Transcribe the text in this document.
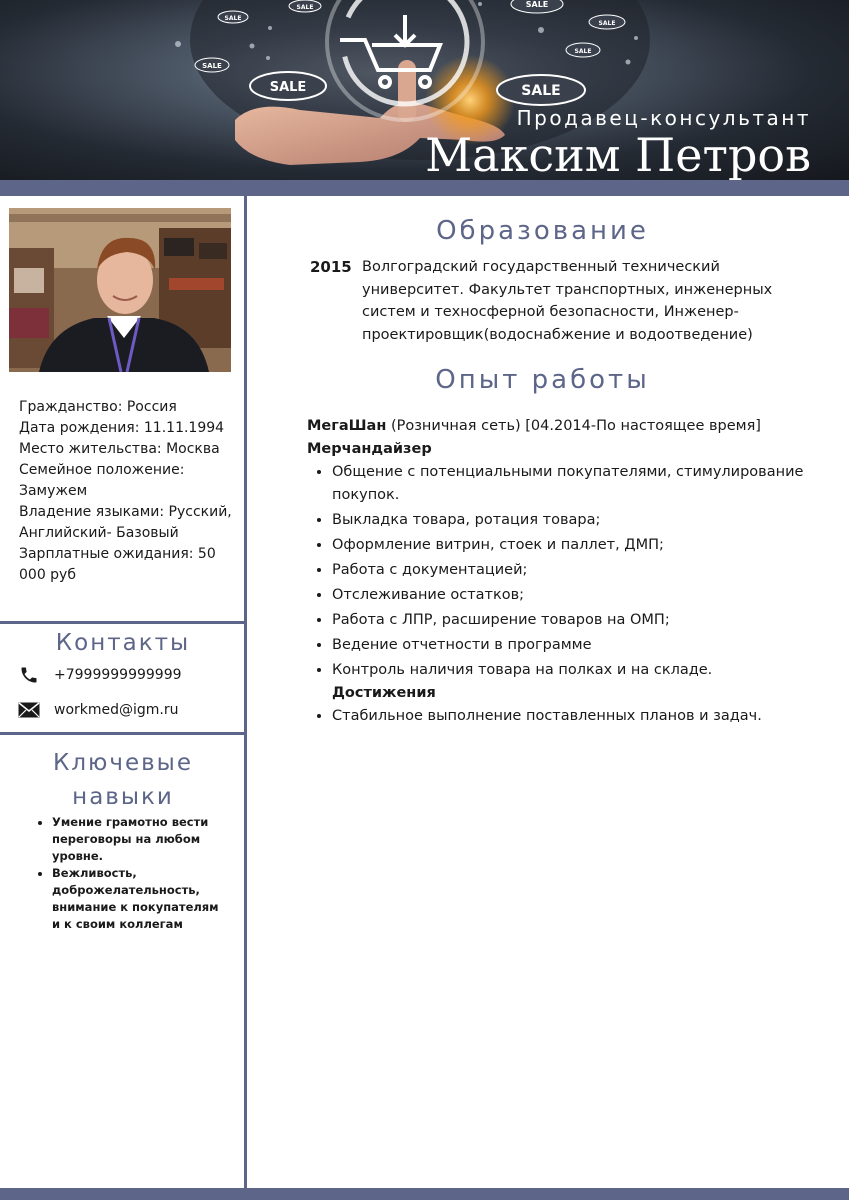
SALE	SALE
SALE
SALE
SALE
SALE
SALE
SALE
Продавец-консультант
Максим Петров
Гражданство: Россия
Дата рождения: 11.11.1994
Место жительства: Москва
Семейное положение: Замужем
Владение языками: Русский, Английский- Базовый
Зарплатные ожидания: 50 000 руб
Контакты
+7999999999999
workmed@igm.ru
Ключевые
навыки
• Умение грамотно вести переговоры на любом уровне.
• Вежливость, доброжелательность, внимание к покупателям и к своим коллегам
Образование
2015 Волгоградский государственный технический университет. Факультет транспортных, инженерных систем и техносферной безопасности, Инженер-проектировщик(водоснабжение и водоотведение)
Опыт работы
МегаШан (Розничная сеть) [04.2014-По настоящее время]
Мерчандайзер
• Общение с потенциальными покупателями, стимулирование покупок.
• Выкладка товара, ротация товара;
• Оформление витрин, стоек и паллет, ДМП;
• Работа с документацией;
• Отслеживание остатков;
• Работа с ЛПР, расширение товаров на ОМП;
• Ведение отчетности в программе
• Контроль наличия товара на полках и на складе.
Достижения
• Стабильное выполнение поставленных планов и задач.
